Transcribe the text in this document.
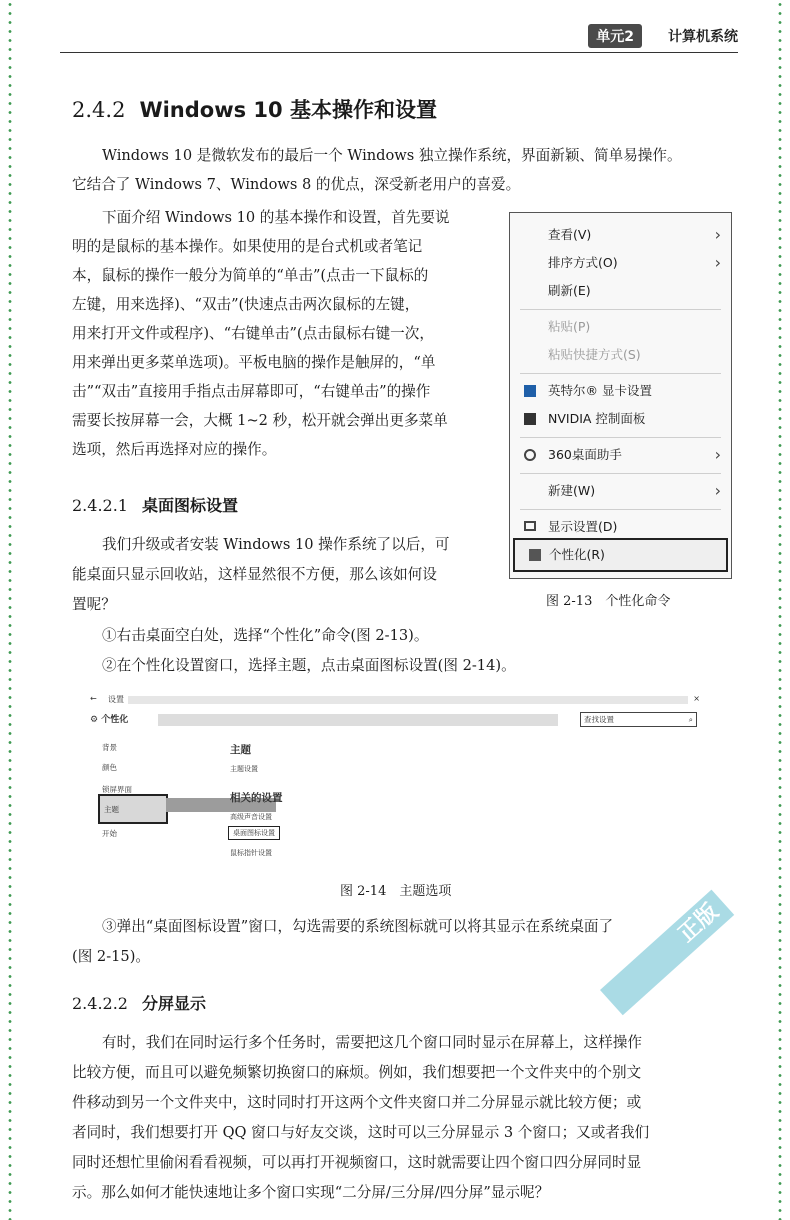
单元2	计算机系统
2.4.2 Windows 10 基本操作和设置
Windows 10 是微软发布的最后一个 Windows 独立操作系统，界面新颖、简单易操作。
它结合了 Windows 7、Windows 8 的优点，深受新老用户的喜爱。
下面介绍 Windows 10 的基本操作和设置，首先要说
明的是鼠标的基本操作。如果使用的是台式机或者笔记
本，鼠标的操作一般分为简单的“单击”(点击一下鼠标的
左键，用来选择)、“双击”(快速点击两次鼠标的左键，
用来打开文件或程序)、“右键单击”(点击鼠标右键一次，
用来弹出更多菜单选项)。平板电脑的操作是触屏的，“单
击”“双击”直接用手指点击屏幕即可，“右键单击”的操作
需要长按屏幕一会，大概 1~2 秒，松开就会弹出更多菜单
选项，然后再选择对应的操作。
2.4.2.1 桌面图标设置
我们升级或者安装 Windows 10 操作系统了以后，可
能桌面只显示回收站，这样显然很不方便，那么该如何设
置呢？
①右击桌面空白处，选择“个性化”命令(图 2-13)。
②在个性化设置窗口，选择主题，点击桌面图标设置(图 2-14)。
查看(V)	›
排序方式(O)	›
刷新(E)
粘贴(P)
粘贴快捷方式(S)
英特尔® 显卡设置
NVIDIA 控制面板
360桌面助手	›
新建(W)	›
显示设置(D)
个性化(R)
图 2-13　个性化命令
← 设置	×
⚙ 个性化	查找设置	⌕
背景
颜色
锁屏界面
主题
开始
主题
主题设置
相关的设置
高级声音设置
桌面图标设置
鼠标指针设置
图 2-14　主题选项
③弹出“桌面图标设置”窗口，勾选需要的系统图标就可以将其显示在系统桌面了
(图 2-15)。
2.4.2.2 分屏显示
有时，我们在同时运行多个任务时，需要把这几个窗口同时显示在屏幕上，这样操作
比较方便，而且可以避免频繁切换窗口的麻烦。例如，我们想要把一个文件夹中的个别文
件移动到另一个文件夹中，这时同时打开这两个文件夹窗口并二分屏显示就比较方便；或
者同时，我们想要打开 QQ 窗口与好友交谈，这时可以三分屏显示 3 个窗口；又或者我们
同时还想忙里偷闲看看视频，可以再打开视频窗口，这时就需要让四个窗口四分屏同时显
示。那么如何才能快速地让多个窗口实现“二分屏/三分屏/四分屏”显示呢？
正版
